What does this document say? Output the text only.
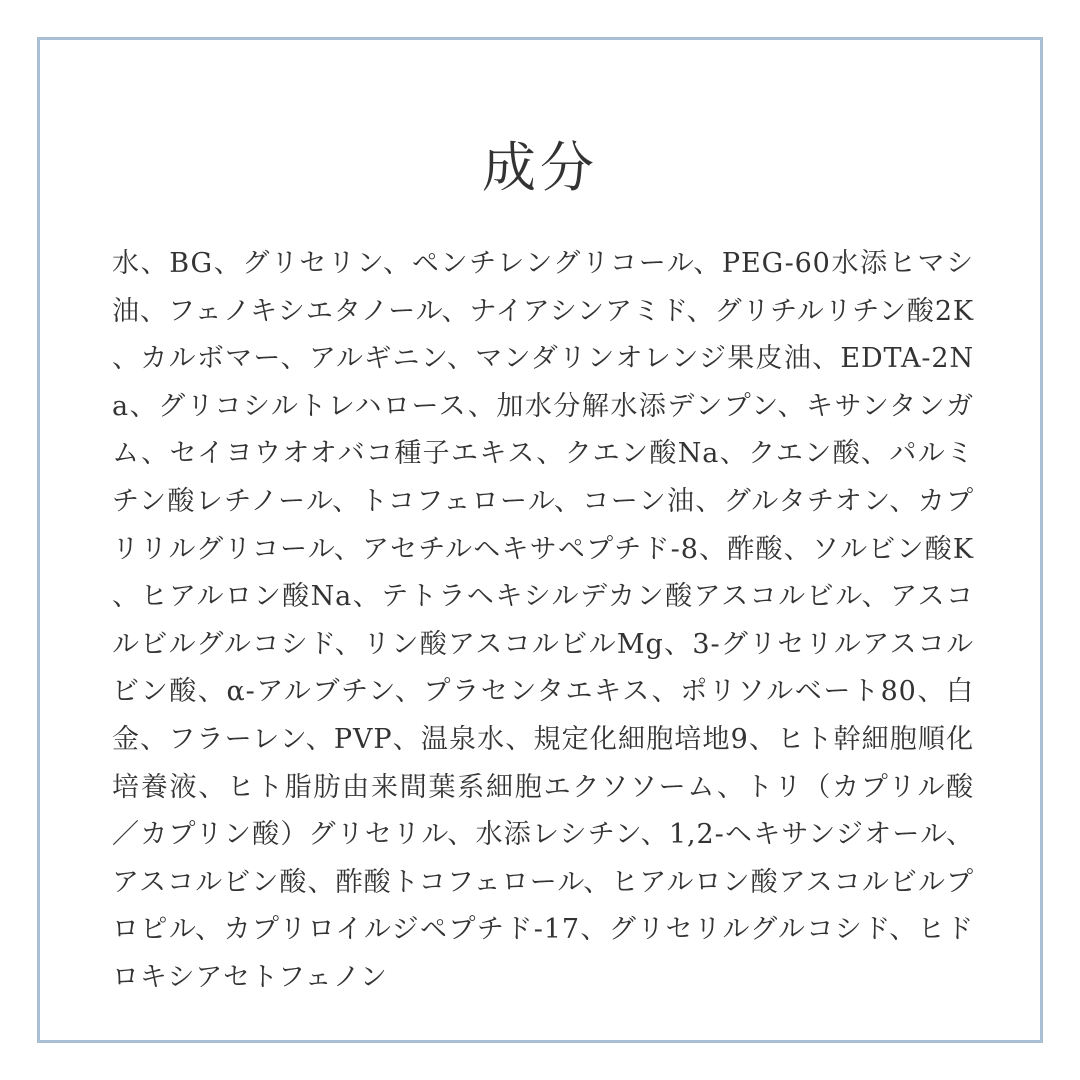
成分

水、BG、グリセリン、ペンチレングリコール、PEG-60水添ヒマシ油、フェノキシエタノール、ナイアシンアミド、グリチルリチン酸2K、カルボマー、アルギニン、マンダリンオレンジ果皮油、EDTA-2Na、グリコシルトレハロース、加水分解水添デンプン、キサンタンガム、セイヨウオオバコ種子エキス、クエン酸Na、クエン酸、パルミチン酸レチノール、トコフェロール、コーン油、グルタチオン、カプリリルグリコール、アセチルヘキサペプチド-8、酢酸、ソルビン酸K、ヒアルロン酸Na、テトラヘキシルデカン酸アスコルビル、アスコルビルグルコシド、リン酸アスコルビルMg、3-グリセリルアスコルビン酸、α-アルブチン、プラセンタエキス、ポリソルベート80、白金、フラーレン、PVP、温泉水、規定化細胞培地9、ヒト幹細胞順化培養液、ヒト脂肪由来間葉系細胞エクソソーム、トリ（カプリル酸／カプリン酸）グリセリル、水添レシチン、1,2-ヘキサンジオール、アスコルビン酸、酢酸トコフェロール、ヒアルロン酸アスコルビルプロピル、カプリロイルジペプチド-17、グリセリルグルコシド、ヒドロキシアセトフェノン
